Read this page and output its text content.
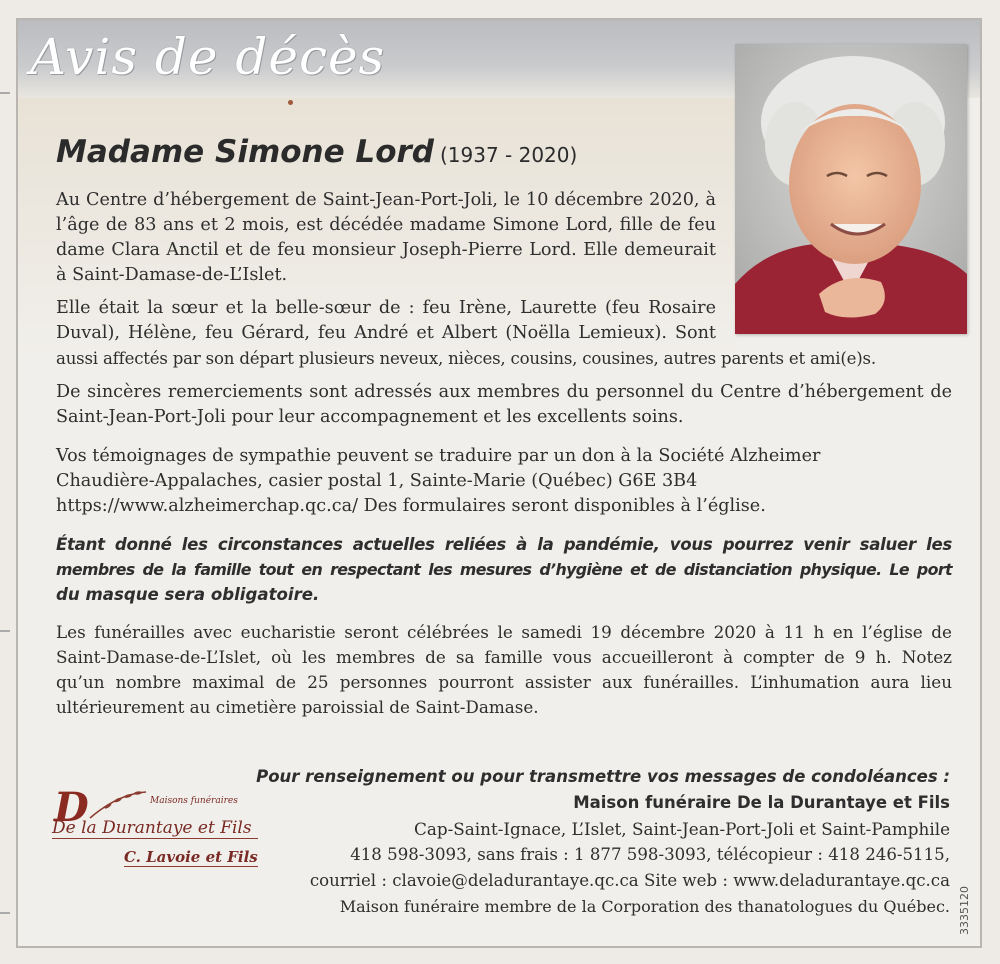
Avis de décès
Madame Simone Lord (1937 - 2020)
Au Centre d’hébergement de Saint-Jean-Port-Joli, le 10 décembre 2020, à
l’âge de 83 ans et 2 mois, est décédée madame Simone Lord, fille de feu
dame Clara Anctil et de feu monsieur Joseph-Pierre Lord. Elle demeurait
à Saint-Damase-de-L’Islet.
Elle était la sœur et la belle-sœur de : feu Irène, Laurette (feu Rosaire
Duval), Hélène, feu Gérard, feu André et Albert (Noëlla Lemieux). Sont
aussi affectés par son départ plusieurs neveux, nièces, cousins, cousines, autres parents et ami(e)s.
De sincères remerciements sont adressés aux membres du personnel du Centre d’hébergement de
Saint-Jean-Port-Joli pour leur accompagnement et les excellents soins.
Vos témoignages de sympathie peuvent se traduire par un don à la Société Alzheimer
Chaudière-Appalaches, casier postal 1, Sainte-Marie (Québec) G6E 3B4
https://www.alzheimerchap.qc.ca/ Des formulaires seront disponibles à l’église.
Étant donné les circonstances actuelles reliées à la pandémie, vous pourrez venir saluer les
membres de la famille tout en respectant les mesures d’hygiène et de distanciation physique. Le port
du masque sera obligatoire.
Les funérailles avec eucharistie seront célébrées le samedi 19 décembre 2020 à 11 h en l’église de
Saint-Damase-de-L’Islet, où les membres de sa famille vous accueilleront à compter de 9 h. Notez
qu’un nombre maximal de 25 personnes pourront assister aux funérailles. L’inhumation aura lieu
ultérieurement au cimetière paroissial de Saint-Damase.
D	Maisons funéraires
De la Durantaye et Fils
C. Lavoie et Fils
Pour renseignement ou pour transmettre vos messages de condoléances :
Maison funéraire De la Durantaye et Fils
Cap-Saint-Ignace, L’Islet, Saint-Jean-Port-Joli et Saint-Pamphile
418 598-3093, sans frais : 1 877 598-3093, télécopieur : 418 246-5115,
courriel : clavoie@deladurantaye.qc.ca Site web : www.deladurantaye.qc.ca
Maison funéraire membre de la Corporation des thanatologues du Québec. 3335120
